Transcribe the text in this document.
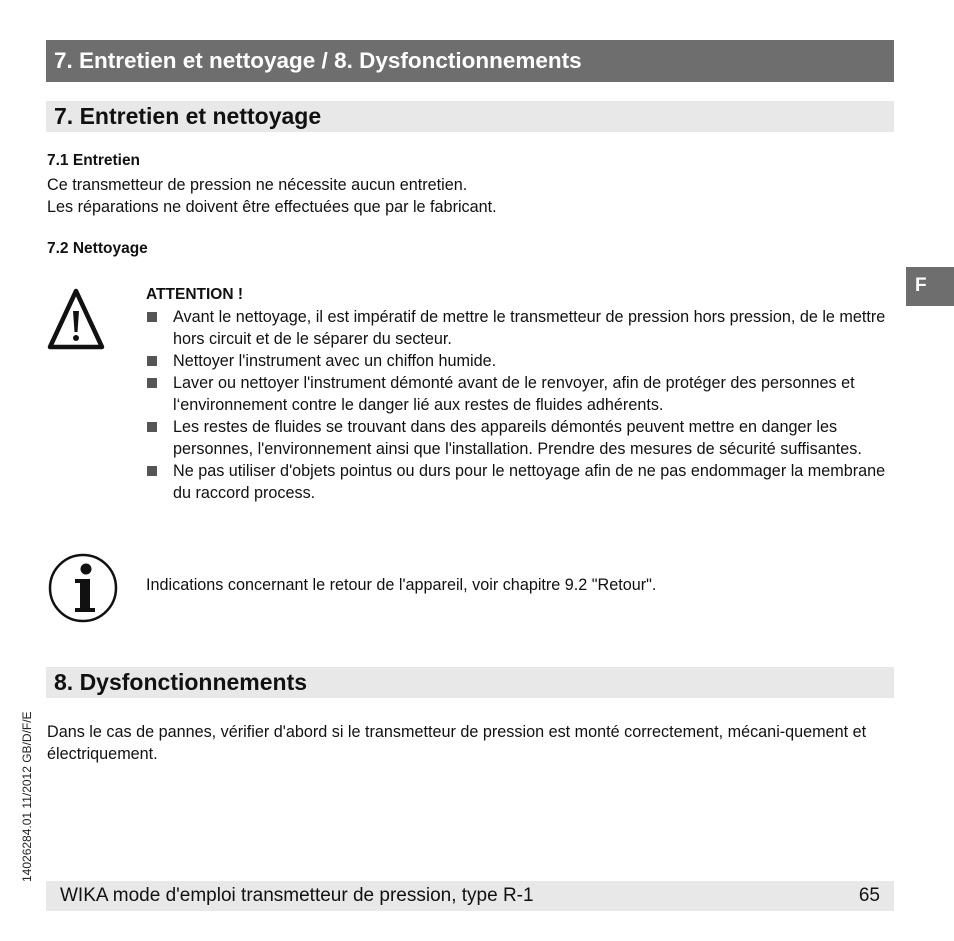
7. Entretien et nettoyage / 8. Dysfonctionnements
F
7. Entretien et nettoyage
7.1 Entretien
Ce transmetteur de pression ne nécessite aucun entretien.
Les réparations ne doivent être effectuées que par le fabricant.
7.2 Nettoyage
ATTENTION !
Avant le nettoyage, il est impératif de mettre le transmetteur de pression hors pression, de le mettre hors circuit et de le séparer du secteur.
Nettoyer l'instrument avec un chiffon humide.
Laver ou nettoyer l'instrument démonté avant de le renvoyer, afin de protéger des personnes et l‘environnement contre le danger lié aux restes de fluides adhérents.
Les restes de fluides se trouvant dans des appareils démontés peuvent mettre en danger les personnes, l'environnement ainsi que l'installation. Prendre des mesures de sécurité suffisantes.
Ne pas utiliser d'objets pointus ou durs pour le nettoyage afin de ne pas endommager la membrane du raccord process.
Indications concernant le retour de l'appareil, voir chapitre 9.2 "Retour".
8. Dysfonctionnements
Dans le cas de pannes, vérifier d'abord si le transmetteur de pression est monté correctement, mécani-quement et électriquement.
14026284.01 11/2012 GB/D/F/E
WIKA mode d'emploi transmetteur de pression, type R-1	65
